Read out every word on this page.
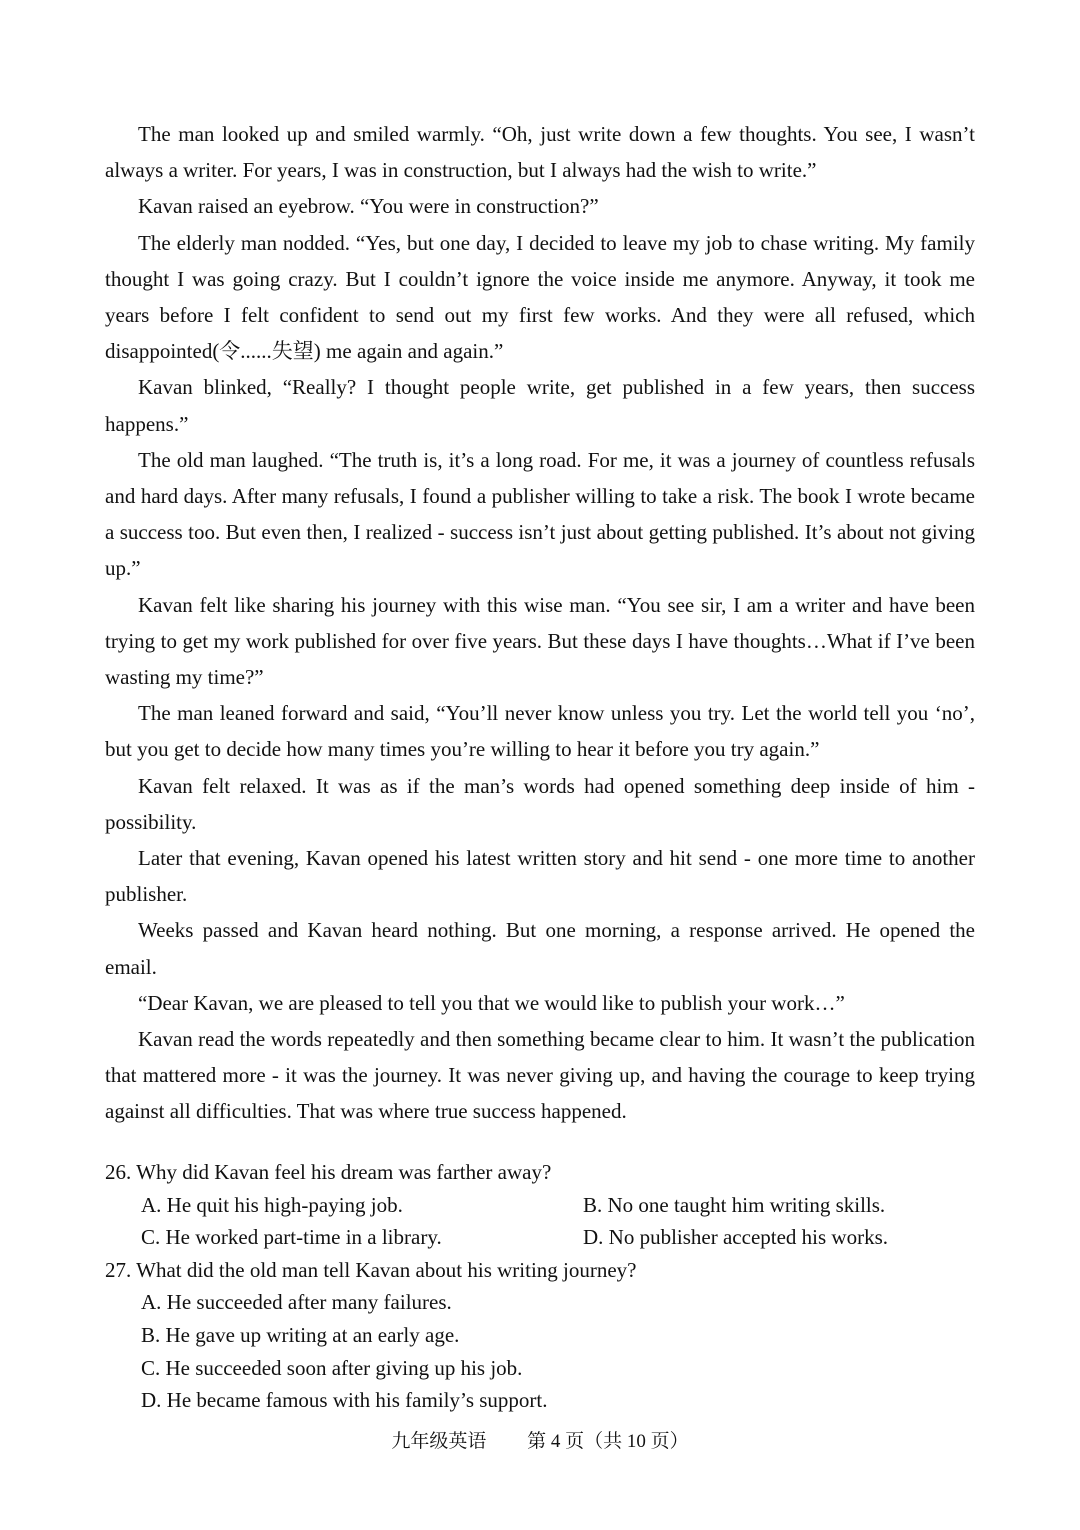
The man looked up and smiled warmly. “Oh, just write down a few thoughts. You see, I wasn’t always a writer. For years, I was in construction, but I always had the wish to write.”

Kavan raised an eyebrow. “You were in construction?”

The elderly man nodded. “Yes, but one day, I decided to leave my job to chase writing. My family thought I was going crazy. But I couldn’t ignore the voice inside me anymore. Anyway, it took me years before I felt confident to send out my first few works. And they were all refused, which disappointed(令......失望) me again and again.”

Kavan blinked, “Really? I thought people write, get published in a few years, then success happens.”

The old man laughed. “The truth is, it’s a long road. For me, it was a journey of countless refusals and hard days. After many refusals, I found a publisher willing to take a risk. The book I wrote became a success too. But even then, I realized - success isn’t just about getting published. It’s about not giving up.”

Kavan felt like sharing his journey with this wise man. “You see sir, I am a writer and have been trying to get my work published for over five years. But these days I have thoughts…What if I’ve been wasting my time?”

The man leaned forward and said, “You’ll never know unless you try. Let the world tell you ‘no’, but you get to decide how many times you’re willing to hear it before you try again.”

Kavan felt relaxed. It was as if the man’s words had opened something deep inside of him - possibility.

Later that evening, Kavan opened his latest written story and hit send - one more time to another publisher.

Weeks passed and Kavan heard nothing. But one morning, a response arrived. He opened the email.

“Dear Kavan, we are pleased to tell you that we would like to publish your work…”

Kavan read the words repeatedly and then something became clear to him. It wasn’t the publication that mattered more - it was the journey. It was never giving up, and having the courage to keep trying against all difficulties. That was where true success happened.

26. Why did Kavan feel his dream was farther away?

A. He quit his high-paying job.	B. No one taught him writing skills.
C. He worked part-time in a library.	D. No publisher accepted his works.

27. What did the old man tell Kavan about his writing journey?

A. He succeeded after many failures.
B. He gave up writing at an early age.
C. He succeeded soon after giving up his job.
D. He became famous with his family’s support.
九年级英语 第 4 页（共 10 页）
